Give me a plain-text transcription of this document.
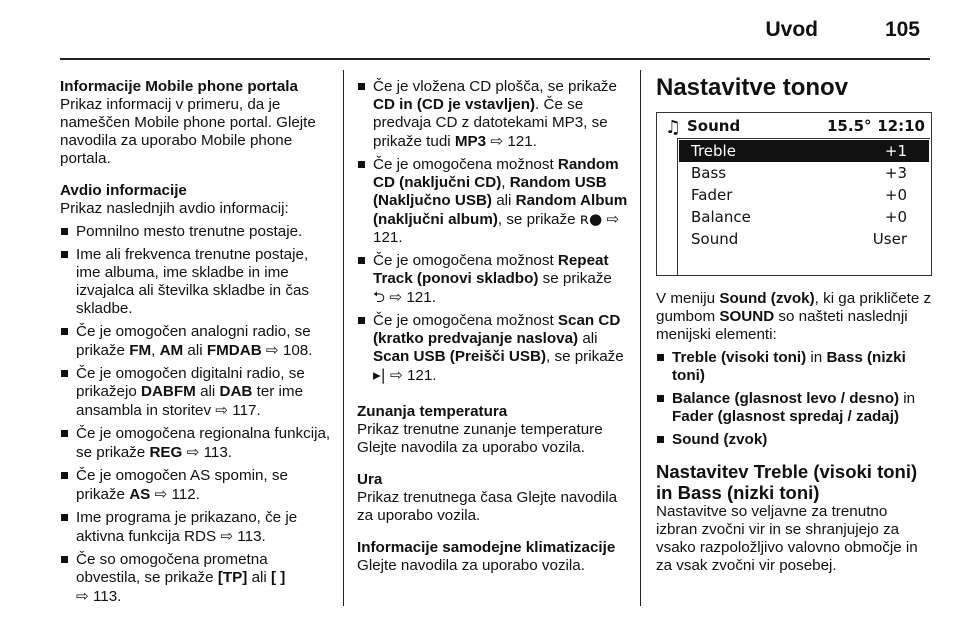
Uvod	105
Informacije Mobile phone portala
Prikaz informacij v primeru, da je nameščen Mobile phone portal. Glejte navodila za uporabo Mobile phone portala.
Avdio informacije
Prikaz naslednjih avdio informacij:
Pomnilno mesto trenutne postaje.
Ime ali frekvenca trenutne postaje, ime albuma, ime skladbe in ime izvajalca ali številka skladbe in čas skladbe.
Če je omogočen analogni radio, se prikaže FM, AM ali FMDAB ⇨ 108.
Če je omogočen digitalni radio, se prikažejo DABFM ali DAB ter ime ansambla in storitev ⇨ 117.
Če je omogočena regionalna funkcija, se prikaže REG ⇨ 113.
Če je omogočen AS spomin, se prikaže AS ⇨ 112.
Ime programa je prikazano, če je aktivna funkcija RDS ⇨ 113.
Če so omogočena prometna obvestila, se prikaže [TP] ali [ ]
⇨ 113.
Če je vložena CD plošča, se prikaže CD in (CD je vstavljen). Če se predvaja CD z datotekami MP3, se prikaže tudi MP3 ⇨ 121.
Če je omogočena možnost Random CD (naključni CD), Random USB (Naključno USB) ali Random Album (naključni album), se prikaže ʀ● ⇨ 121.
Če je omogočena možnost Repeat Track (ponovi skladbo) se prikaže
⮌ ⇨ 121.
Če je omogočena možnost Scan CD (kratko predvajanje naslova) ali Scan USB (Preišči USB), se prikaže ▸| ⇨ 121.
Zunanja temperatura
Prikaz trenutne zunanje temperature Glejte navodila za uporabo vozila.
Ura
Prikaz trenutnega časa Glejte navodila za uporabo vozila.
Informacije samodejne klimatizacije
Glejte navodila za uporabo vozila.
Nastavitve tonov
♫ Sound	15.5° 12:10
Treble	+1
Bass	+3
Fader	+0
Balance	+0
Sound	User
V meniju Sound (zvok), ki ga prikličete z gumbom SOUND so našteti naslednji menijski elementi:
Treble (visoki toni) in Bass (nizki toni)
Balance (glasnost levo / desno) in Fader (glasnost spredaj / zadaj)
Sound (zvok)
Nastavitev Treble (visoki toni) in Bass (nizki toni)
Nastavitve so veljavne za trenutno izbran zvočni vir in se shranjujejo za vsako razpoložljivo valovno območje in za vsak zvočni vir posebej.
